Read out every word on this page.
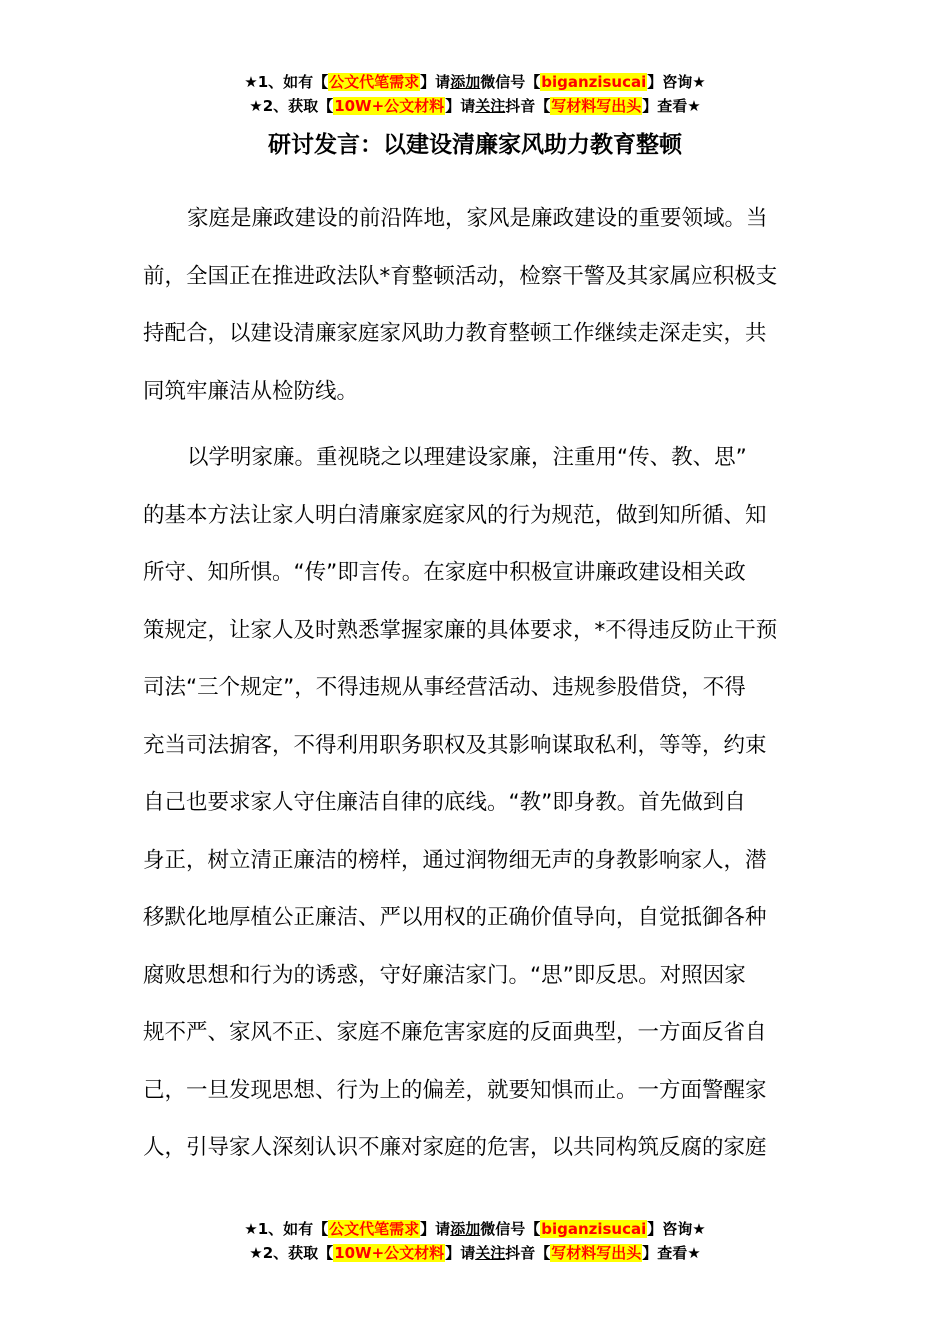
★1、如有【公文代笔需求】请添加微信号【biganzisucai】咨询★
★2、获取【10W+公文材料】请关注抖音【写材料写出头】查看★
研讨发言：以建设清廉家风助力教育整顿

家庭是廉政建设的前沿阵地，家风是廉政建设的重要领域。当
前，全国正在推进政法队*育整顿活动，检察干警及其家属应积极支
持配合，以建设清廉家庭家风助力教育整顿工作继续走深走实，共
同筑牢廉洁从检防线。

以学明家廉。重视晓之以理建设家廉，注重用“传、教、思”
的基本方法让家人明白清廉家庭家风的行为规范，做到知所循、知
所守、知所惧。“传”即言传。在家庭中积极宣讲廉政建设相关政
策规定，让家人及时熟悉掌握家廉的具体要求，*不得违反防止干预
司法“三个规定”，不得违规从事经营活动、违规参股借贷，不得
充当司法掮客，不得利用职务职权及其影响谋取私利，等等，约束
自己也要求家人守住廉洁自律的底线。“教”即身教。首先做到自
身正，树立清正廉洁的榜样，通过润物细无声的身教影响家人，潜
移默化地厚植公正廉洁、严以用权的正确价值导向，自觉抵御各种
腐败思想和行为的诱惑，守好廉洁家门。“思”即反思。对照因家
规不严、家风不正、家庭不廉危害家庭的反面典型，一方面反省自
己，一旦发现思想、行为上的偏差，就要知惧而止。一方面警醒家
人，引导家人深刻认识不廉对家庭的危害，以共同构筑反腐的家庭

★1、如有【公文代笔需求】请添加微信号【biganzisucai】咨询★
★2、获取【10W+公文材料】请关注抖音【写材料写出头】查看★
